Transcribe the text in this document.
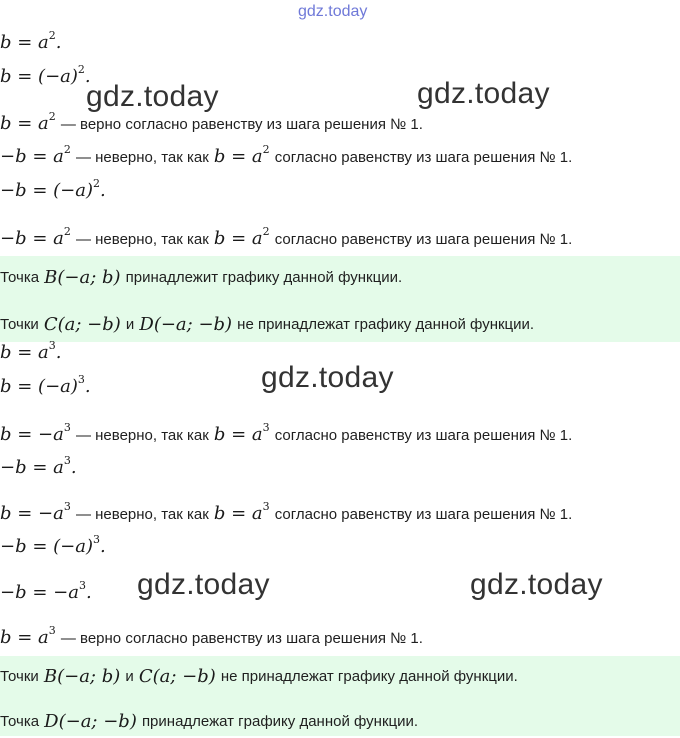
gdz.today
$b = a^2$.
$b = (-a)^2$.
$b = a^2$ — верно согласно равенству из шага решения № 1.
$-b = a^2$ — неверно, так как $b = a^2$ согласно равенству из шага решения № 1.
$-b = (-a)^2$.
$-b = a^2$ — неверно, так как $b = a^2$ согласно равенству из шага решения № 1.
Точка
B(−a; b)
принадлежит графику данной функции.
Точки
C(a; −b)
и
D(−a; −b)
не принадлежат графику данной функции.
$b = a^3$.
$b = (-a)^3$.
$b = -a^3$ — неверно, так как $b = a^3$ согласно равенству из шага решения № 1.
$-b = a^3$.
$b = -a^3$ — неверно, так как $b = a^3$ согласно равенству из шага решения № 1.
$-b = (-a)^3$.
$-b = -a^3$.
$b = a^3$ — верно согласно равенству из шага решения № 1.
Точки
B(−a; b)
и
C(a; −b)
не принадлежат графику данной функции.
Точка
D(−a; −b)
принадлежат графику данной функции.
gdz.today	gdz.today
gdz.today
gdz.today	gdz.today
